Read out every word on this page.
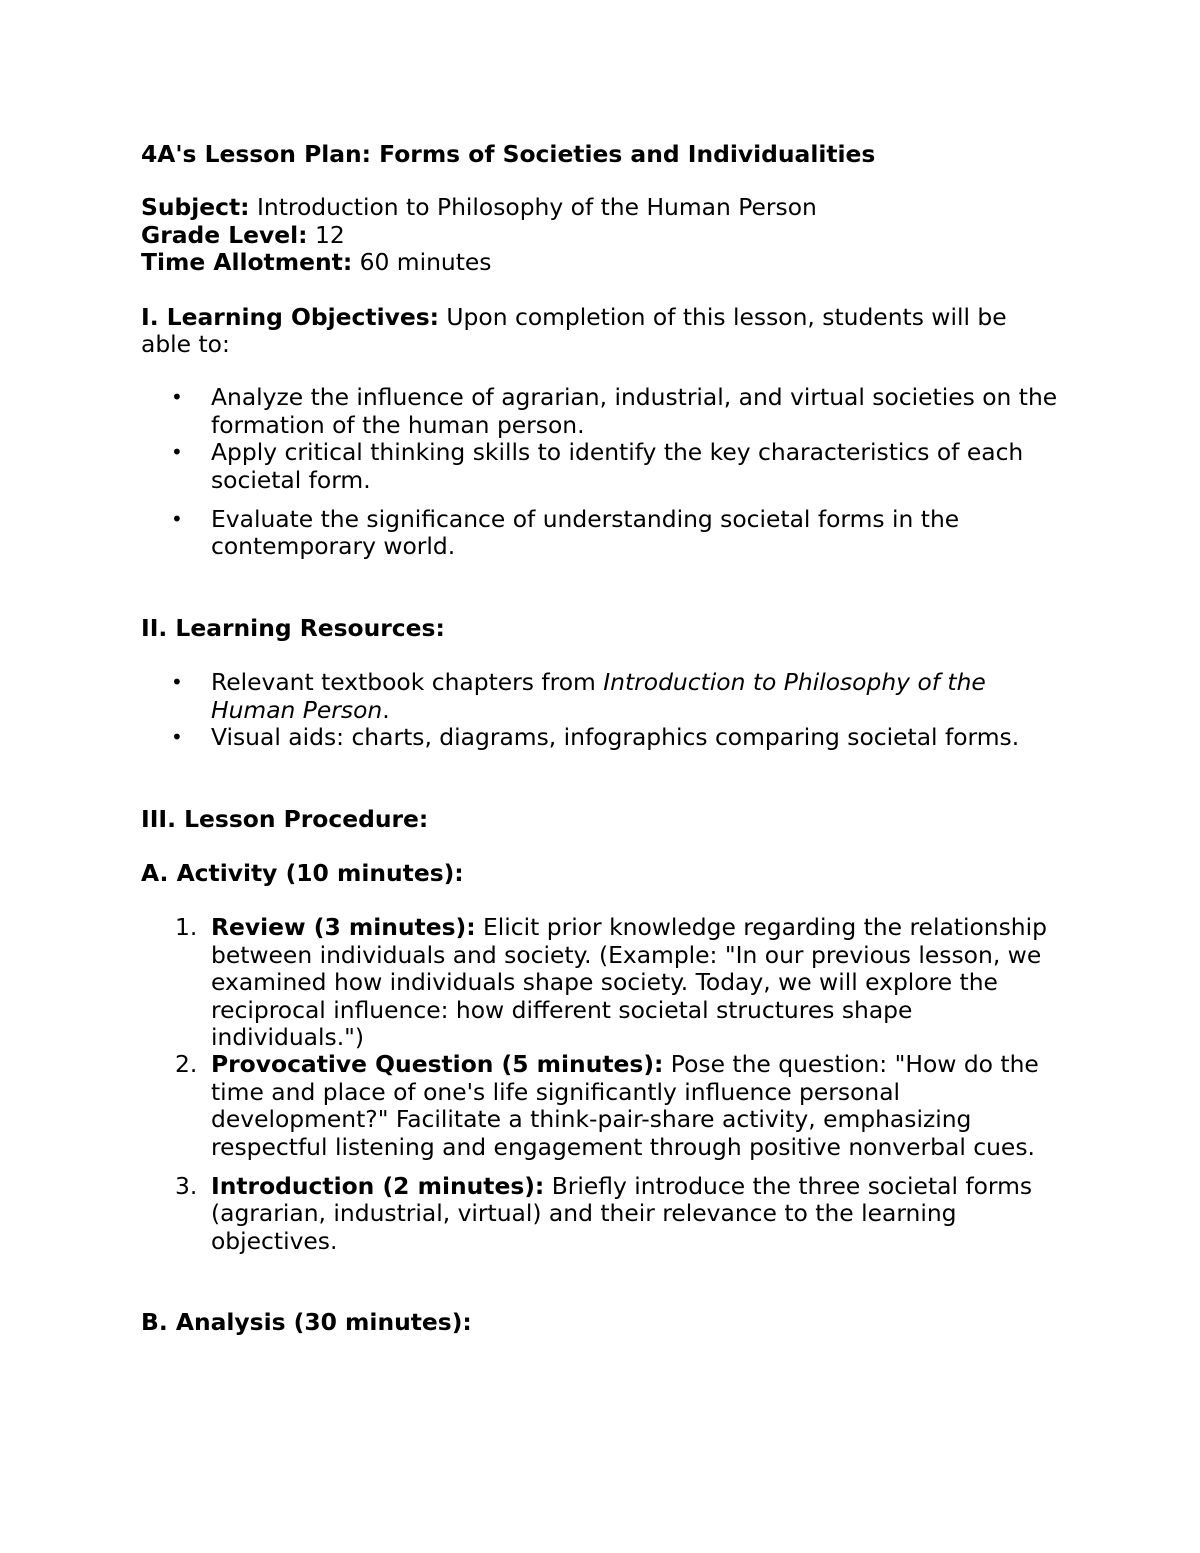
4A's Lesson Plan: Forms of Societies and Individualities
Subject: Introduction to Philosophy of the Human Person
Grade Level: 12
Time Allotment: 60 minutes
I. Learning Objectives: Upon completion of this lesson, students will be able to:
• Analyze the influence of agrarian, industrial, and virtual societies on the formation of the human person.
• Apply critical thinking skills to identify the key characteristics of each societal form.
• Evaluate the significance of understanding societal forms in the contemporary world.
II. Learning Resources:
• Relevant textbook chapters from Introduction to Philosophy of the Human Person.
• Visual aids: charts, diagrams, infographics comparing societal forms.
III. Lesson Procedure:
A. Activity (10 minutes):
1. Review (3 minutes): Elicit prior knowledge regarding the relationship between individuals and society. (Example: "In our previous lesson, we examined how individuals shape society. Today, we will explore the reciprocal influence: how different societal structures shape individuals.")
2. Provocative Question (5 minutes): Pose the question: "How do the time and place of one's life significantly influence personal development?" Facilitate a think-pair-share activity, emphasizing respectful listening and engagement through positive nonverbal cues.
3. Introduction (2 minutes): Briefly introduce the three societal forms (agrarian, industrial, virtual) and their relevance to the learning objectives.
B. Analysis (30 minutes):
